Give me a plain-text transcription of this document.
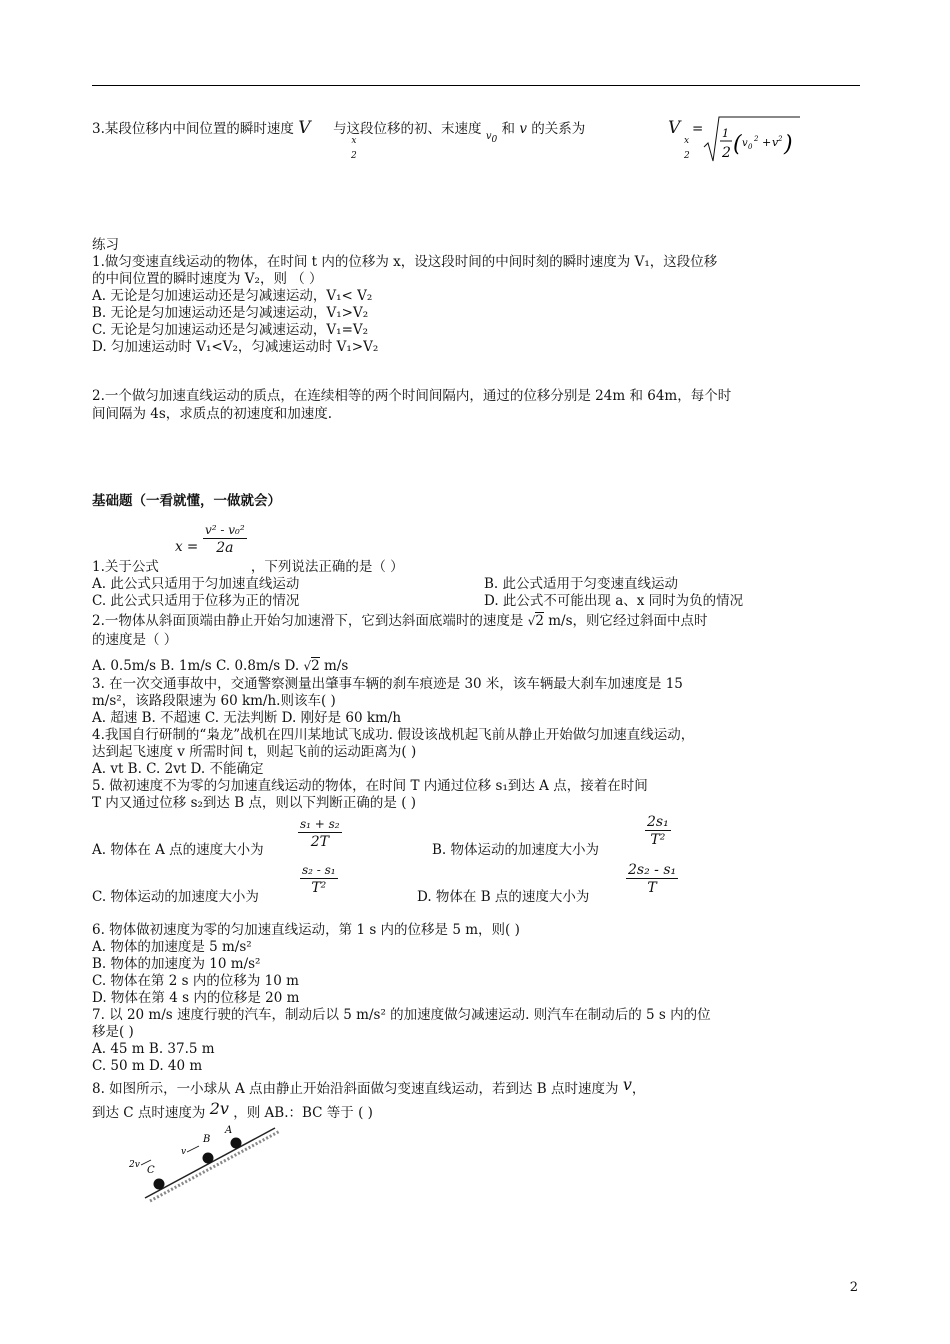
3.某段位移内中间位置的瞬时速度 V 与这段位移的初、末速度 $_{v0}$ 和 v 的关系为
x
2
V
x
2
= 1
2 ( v 0
2 + v 2 )
练习
1.做匀变速直线运动的物体，在时间 t 内的位移为 x，设这段时间的中间时刻的瞬时速度为 V₁，这段位移
的中间位置的瞬时速度为 V₂，则 （ ）
A. 无论是匀加速运动还是匀减速运动，V₁< V₂
B. 无论是匀加速运动还是匀减速运动，V₁>V₂
C. 无论是匀加速运动还是匀减速运动，V₁=V₂
D. 匀加速运动时 V₁<V₂，匀减速运动时 V₁>V₂
2.一个做匀加速直线运动的质点，在连续相等的两个时间间隔内，通过的位移分别是 24m 和 64m，每个时
间间隔为 4s，求质点的初速度和加速度.
基础题（一看就懂，一做就会）
$x = \frac{\text{v² - v₀²}}{2a}$
1.关于公式	，下列说法正确的是（ ）
A. 此公式只适用于匀加速直线运动	B. 此公式适用于匀变速直线运动
C. 此公式只适用于位移为正的情况	D. 此公式不可能出现 a、x 同时为负的情况
2.一物体从斜面顶端由静止开始匀加速滑下，它到达斜面底端时的速度是 √2 m/s，则它经过斜面中点时
的速度是（ ）
A. 0.5m/s B. 1m/s C. 0.8m/s D. √2 m/s
3. 在一次交通事故中，交通警察测量出肇事车辆的刹车痕迹是 30 米，该车辆最大刹车加速度是 15
m/s²，该路段限速为 60 km/h.则该车( )
A. 超速 B. 不超速 C. 无法判断 D. 刚好是 60 km/h
4.我国自行研制的“枭龙”战机在四川某地试飞成功. 假设该战机起飞前从静止开始做匀加速直线运动，
达到起飞速度 v 所需时间 t，则起飞前的运动距离为( )
A. vt B. C. 2vt D. 不能确定
5. 做初速度不为零的匀加速直线运动的物体，在时间 T 内通过位移 s₁到达 A 点，接着在时间
T 内又通过位移 s₂到达 B 点，则以下判断正确的是 ( )
A. 物体在 A 点的速度大小为	$\frac{\text{s₁ + s₂}}{2T}$	B. 物体运动的加速度大小为
$\frac{\text{2s₁}}{\text{T²}}$
C. 物体运动的加速度大小为	$\frac{\text{s₂ - s₁}}{\text{T²}}$	D. 物体在 B 点的速度大小为	$\frac{\text{2s₂ - s₁}}{T}$
6. 物体做初速度为零的匀加速直线运动，第 1 s 内的位移是 5 m，则( )
A. 物体的加速度是 5 m/s²
B. 物体的加速度为 10 m/s²
C. 物体在第 2 s 内的位移为 10 m
D. 物体在第 4 s 内的位移是 20 m
7. 以 20 m/s 速度行驶的汽车，制动后以 5 m/s² 的加速度做匀减速运动. 则汽车在制动后的 5 s 内的位
移是( )
A. 45 m B. 37.5 m
C. 50 m D. 40 m
8. 如图所示，一小球从 A 点由静止开始沿斜面做匀变速直线运动，若到达 B 点时速度为 v，
到达 C 点时速度为 2v ，则 AB.：BC 等于 ( )
A
B
C
v
2v
2
